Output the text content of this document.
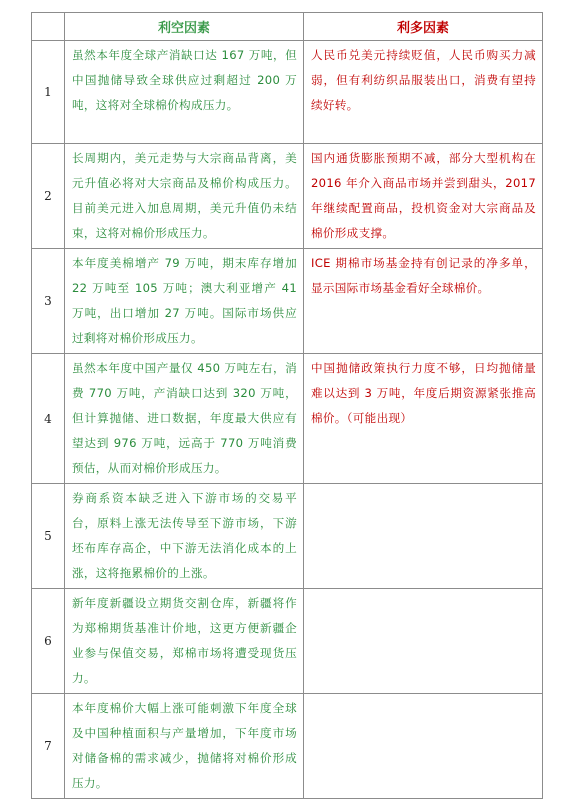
	利空因素	利多因素
1	虽然本年度全球产消缺口达 167 万吨，但中国抛储导致全球供应过剩超过 200 万吨，这将对全球棉价构成压力。	人民币兑美元持续贬值，人民币购买力减弱，但有利纺织品服装出口，消费有望持续好转。
2	长周期内，美元走势与大宗商品背离，美元升值必将对大宗商品及棉价构成压力。目前美元进入加息周期，美元升值仍未结束，这将对棉价形成压力。	国内通货膨胀预期不减，部分大型机构在 2016 年介入商品市场并尝到甜头，2017 年继续配置商品，投机资金对大宗商品及棉价形成支撑。
3	本年度美棉增产 79 万吨，期末库存增加 22 万吨至 105 万吨；澳大利亚增产 41 万吨，出口增加 27 万吨。国际市场供应过剩将对棉价形成压力。	ICE 期棉市场基金持有创记录的净多单，显示国际市场基金看好全球棉价。
4	虽然本年度中国产量仅 450 万吨左右，消费 770 万吨，产消缺口达到 320 万吨，但计算抛储、进口数据，年度最大供应有望达到 976 万吨，远高于 770 万吨消费预估，从而对棉价形成压力。	中国抛储政策执行力度不够，日均抛储量难以达到 3 万吨，年度后期资源紧张推高棉价。（可能出现）
5	券商系资本缺乏进入下游市场的交易平台，原料上涨无法传导至下游市场，下游坯布库存高企，中下游无法消化成本的上涨，这将拖累棉价的上涨。	
6	新年度新疆设立期货交割仓库，新疆将作为郑棉期货基准计价地，这更方便新疆企业参与保值交易，郑棉市场将遭受现货压力。	
7	本年度棉价大幅上涨可能刺激下年度全球及中国种植面积与产量增加，下年度市场对储备棉的需求减少，抛储将对棉价形成压力。	
